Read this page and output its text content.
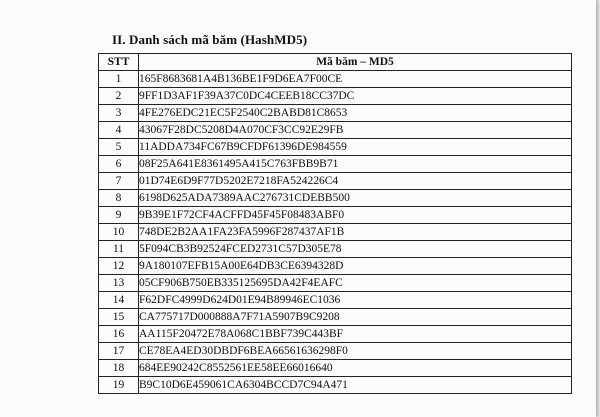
II. Danh sách mã băm (HashMD5)
STT	Mã băm – MD5
1	165F8683681A4B136BE1F9D6EA7F00CE
2	9FF1D3AF1F39A37C0DC4CEEB18CC37DC
3	4FE276EDC21EC5F2540C2BABD81C8653
4	43067F28DC5208D4A070CF3CC92E29FB
5	11ADDA734FC67B9CFDF61396DE984559
6	08F25A641E8361495A415C763FBB9B71
7	01D74E6D9F77D5202E7218FA524226C4
8	6198D625ADA7389AAC276731CDEBB500
9	9B39E1F72CF4ACFFD45F45F08483ABF0
10	748DE2B2AA1FA23FA5996F287437AF1B
11	5F094CB3B92524FCED2731C57D305E78
12	9A180107EFB15A00E64DB3CE6394328D
13	05CF906B750EB335125695DA42F4EAFC
14	F62DFC4999D624D01E94B89946EC1036
15	CA775717D000888A7F71A5907B9C9208
16	AA115F20472E78A068C1BBF739C443BF
17	CE78EA4ED30DBDF6BEA66561636298F0
18	684EE90242C8552561EE58EE66016640
19	B9C10D6E459061CA6304BCCD7C94A471
